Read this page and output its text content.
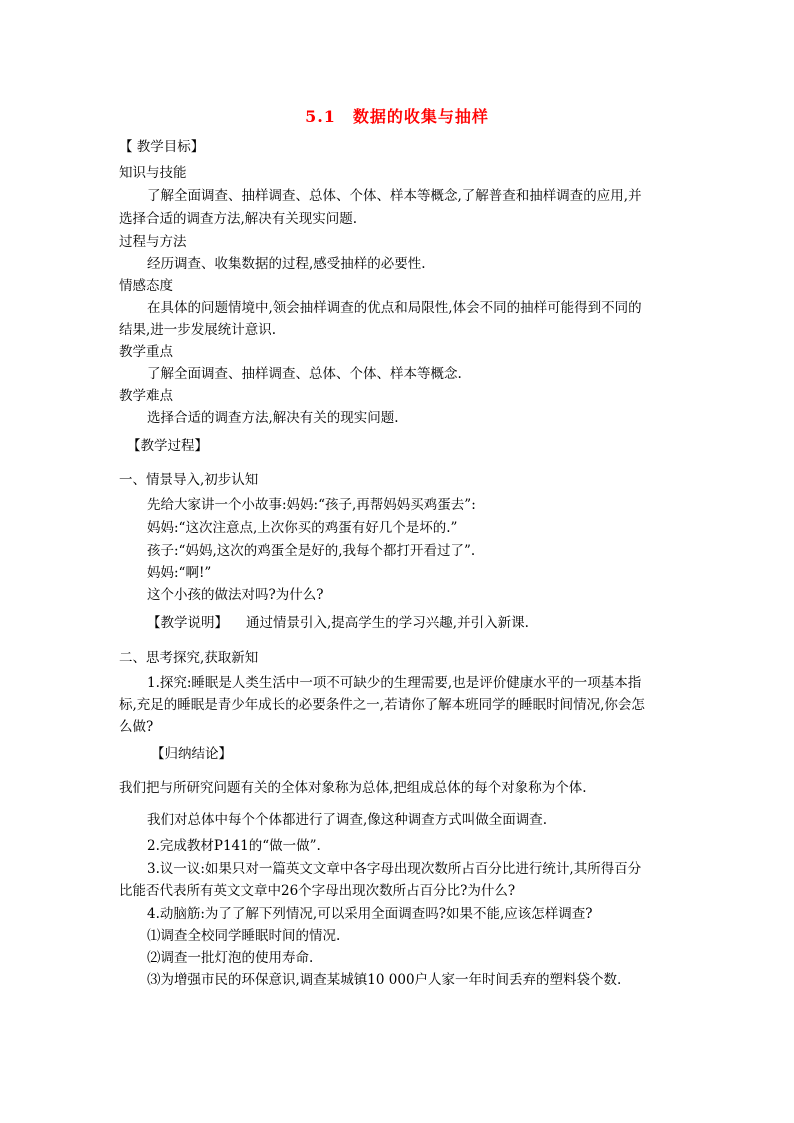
5.1　数据的收集与抽样
【 教学目标】
知识与技能
了解全面调查、抽样调查、总体、个体、样本等概念,了解普查和抽样调查的应用,并
选择合适的调查方法,解决有关现实问题.
过程与方法
经历调查、收集数据的过程,感受抽样的必要性.
情感态度
在具体的问题情境中,领会抽样调查的优点和局限性,体会不同的抽样可能得到不同的
结果,进一步发展统计意识.
教学重点
了解全面调查、抽样调查、总体、个体、样本等概念.
教学难点
选择合适的调查方法,解决有关的现实问题.
【教学过程】
一、情景导入,初步认知
先给大家讲一个小故事:妈妈:“孩子,再帮妈妈买鸡蛋去”:
妈妈:“这次注意点,上次你买的鸡蛋有好几个是坏的.”
孩子:“妈妈,这次的鸡蛋全是好的,我每个都打开看过了”.
妈妈:“啊!”
这个小孩的做法对吗?为什么?
【教学说明】	通过情景引入,提高学生的学习兴趣,并引入新课.
二、思考探究,获取新知
1.探究:睡眠是人类生活中一项不可缺少的生理需要,也是评价健康水平的一项基本指
标,充足的睡眠是青少年成长的必要条件之一,若请你了解本班同学的睡眠时间情况,你会怎
么做?
【归纳结论】
我们把与所研究问题有关的全体对象称为总体,把组成总体的每个对象称为个体.
我们对总体中每个个体都进行了调查,像这种调查方式叫做全面调查.
2.完成教材P141的“做一做”.
3.议一议:如果只对一篇英文文章中各字母出现次数所占百分比进行统计,其所得百分
比能否代表所有英文文章中26个字母出现次数所占百分比?为什么?
4.动脑筋:为了了解下列情况,可以采用全面调查吗?如果不能,应该怎样调查?
⑴调查全校同学睡眠时间的情况.
⑵调查一批灯泡的使用寿命.
⑶为增强市民的环保意识,调查某城镇10 000户人家一年时间丢弃的塑料袋个数.
